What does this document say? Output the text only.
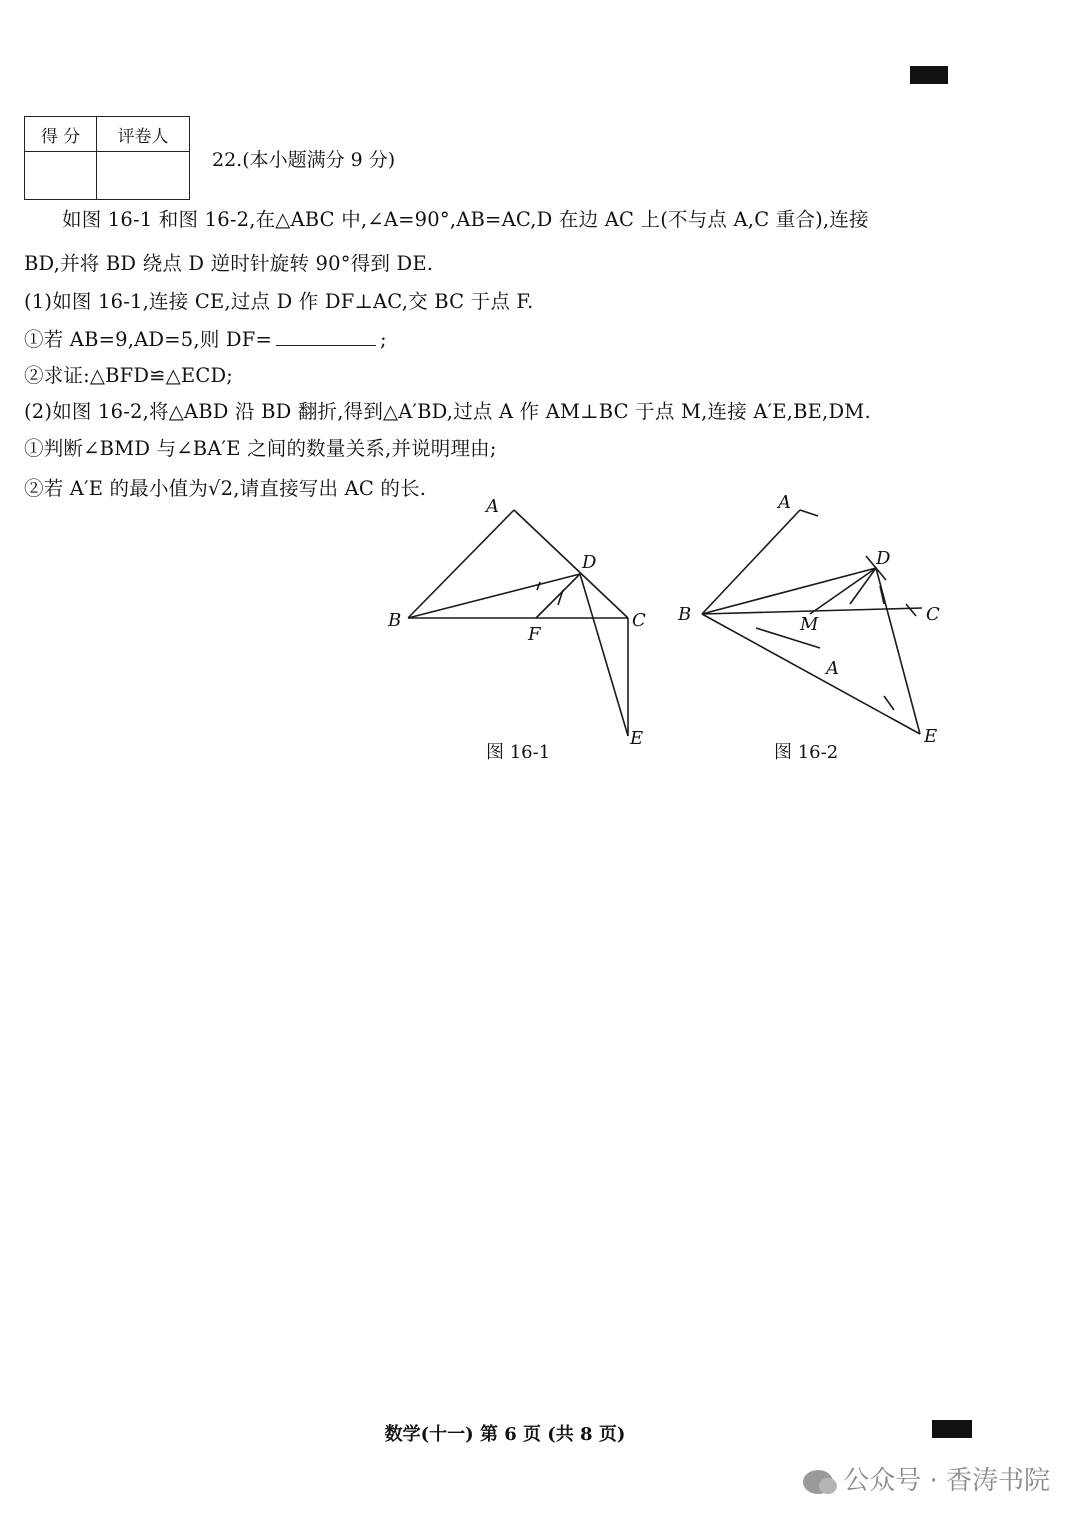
得 分	评卷人

22.(本小题满分 9 分)
如图 16-1 和图 16-2,在△ABC 中,∠A=90°,AB=AC,D 在边 AC 上(不与点 A,C 重合),连接
BD,并将 BD 绕点 D 逆时针旋转 90°得到 DE.
(1)如图 16-1,连接 CE,过点 D 作 DF⊥AC,交 BC 于点 F.
①若 AB=9,AD=5,则 DF=	;
②求证:△BFD≌△ECD;
(2)如图 16-2,将△ABD 沿 BD 翻折,得到△A′BD,过点 A 作 AM⊥BC 于点 M,连接 A′E,BE,DM.
①判断∠BMD 与∠BA′E 之间的数量关系,并说明理由;
②若 A′E 的最小值为√2,请直接写出 AC 的长.
A
B	C
D
E
F
图 16-1
A
B	C
D
E
M
A
图 16-2
数学(十一) 第 6 页 (共 8 页)
公众号 · 香涛书院
